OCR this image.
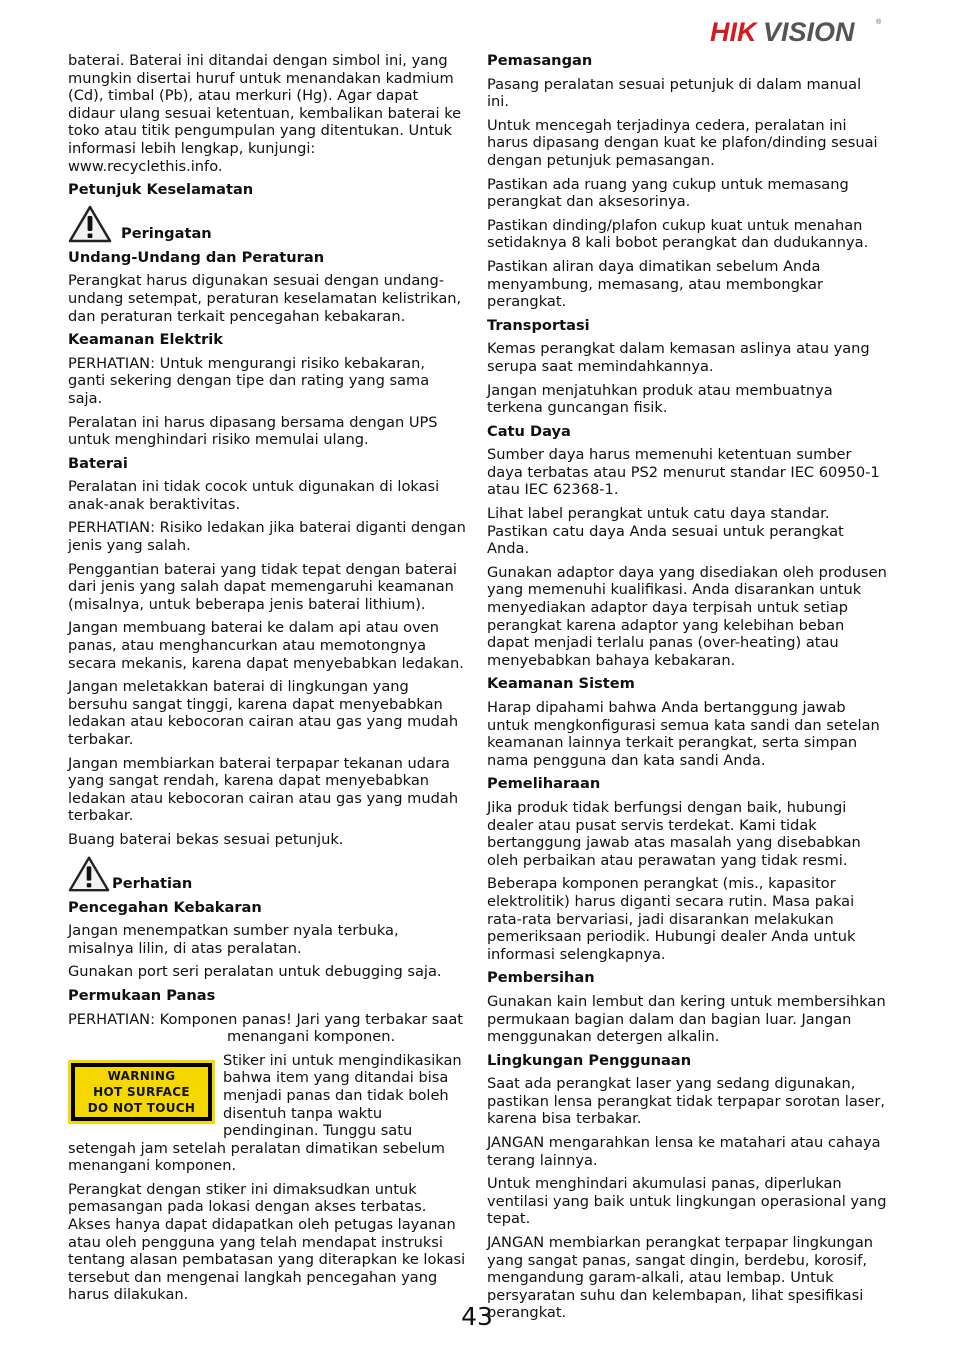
HIK VISION	®

baterai. Baterai ini ditandai dengan simbol ini, yang mungkin disertai huruf untuk menandakan kadmium (Cd), timbal (Pb), atau merkuri (Hg). Agar dapat didaur ulang sesuai ketentuan, kembalikan baterai ke toko atau titik pengumpulan yang ditentukan. Untuk informasi lebih lengkap, kunjungi: www.recyclethis.info.

Petunjuk Keselamatan
Peringatan
Undang-Undang dan Peraturan

Perangkat harus digunakan sesuai dengan undang-undang setempat, peraturan keselamatan kelistrikan, dan peraturan terkait pencegahan kebakaran.

Keamanan Elektrik

PERHATIAN: Untuk mengurangi risiko kebakaran, ganti sekering dengan tipe dan rating yang sama saja.

Peralatan ini harus dipasang bersama dengan UPS untuk menghindari risiko memulai ulang.

Baterai

Peralatan ini tidak cocok untuk digunakan di lokasi anak-anak beraktivitas.

PERHATIAN: Risiko ledakan jika baterai diganti dengan jenis yang salah.

Penggantian baterai yang tidak tepat dengan baterai dari jenis yang salah dapat memengaruhi keamanan (misalnya, untuk beberapa jenis baterai lithium).

Jangan membuang baterai ke dalam api atau oven panas, atau menghancurkan atau memotongnya secara mekanis, karena dapat menyebabkan ledakan.

Jangan meletakkan baterai di lingkungan yang bersuhu sangat tinggi, karena dapat menyebabkan ledakan atau kebocoran cairan atau gas yang mudah terbakar.

Jangan membiarkan baterai terpapar tekanan udara yang sangat rendah, karena dapat menyebabkan ledakan atau kebocoran cairan atau gas yang mudah terbakar.

Buang baterai bekas sesuai petunjuk.

Perhatian
Pencegahan Kebakaran

Jangan menempatkan sumber nyala terbuka, misalnya lilin, di atas peralatan.

Gunakan port seri peralatan untuk debugging saja.

Permukaan Panas

PERHATIAN: Komponen panas! Jari yang terbakar saat
menangani komponen.

WARNING
HOT SURFACE
DO NOT TOUCH

Stiker ini untuk mengindikasikan bahwa item yang ditandai bisa menjadi panas dan tidak boleh disentuh tanpa waktu pendinginan. Tunggu satu setengah jam setelah peralatan dimatikan sebelum menangani komponen.

Perangkat dengan stiker ini dimaksudkan untuk pemasangan pada lokasi dengan akses terbatas. Akses hanya dapat didapatkan oleh petugas layanan atau oleh pengguna yang telah mendapat instruksi tentang alasan pembatasan yang diterapkan ke lokasi tersebut dan mengenai langkah pencegahan yang harus dilakukan.

Pemasangan

Pasang peralatan sesuai petunjuk di dalam manual ini.

Untuk mencegah terjadinya cedera, peralatan ini harus dipasang dengan kuat ke plafon/dinding sesuai dengan petunjuk pemasangan.

Pastikan ada ruang yang cukup untuk memasang perangkat dan aksesorinya.

Pastikan dinding/plafon cukup kuat untuk menahan setidaknya 8 kali bobot perangkat dan dudukannya.

Pastikan aliran daya dimatikan sebelum Anda menyambung, memasang, atau membongkar perangkat.

Transportasi

Kemas perangkat dalam kemasan aslinya atau yang serupa saat memindahkannya.

Jangan menjatuhkan produk atau membuatnya terkena guncangan fisik.

Catu Daya

Sumber daya harus memenuhi ketentuan sumber daya terbatas atau PS2 menurut standar IEC 60950-1 atau IEC 62368-1.

Lihat label perangkat untuk catu daya standar. Pastikan catu daya Anda sesuai untuk perangkat Anda.

Gunakan adaptor daya yang disediakan oleh produsen yang memenuhi kualifikasi. Anda disarankan untuk menyediakan adaptor daya terpisah untuk setiap perangkat karena adaptor yang kelebihan beban dapat menjadi terlalu panas (over-heating) atau menyebabkan bahaya kebakaran.

Keamanan Sistem

Harap dipahami bahwa Anda bertanggung jawab untuk mengkonfigurasi semua kata sandi dan setelan keamanan lainnya terkait perangkat, serta simpan nama pengguna dan kata sandi Anda.

Pemeliharaan

Jika produk tidak berfungsi dengan baik, hubungi dealer atau pusat servis terdekat. Kami tidak bertanggung jawab atas masalah yang disebabkan oleh perbaikan atau perawatan yang tidak resmi.

Beberapa komponen perangkat (mis., kapasitor elektrolitik) harus diganti secara rutin. Masa pakai rata-rata bervariasi, jadi disarankan melakukan pemeriksaan periodik. Hubungi dealer Anda untuk informasi selengkapnya.

Pembersihan

Gunakan kain lembut dan kering untuk membersihkan permukaan bagian dalam dan bagian luar. Jangan menggunakan detergen alkalin.

Lingkungan Penggunaan

Saat ada perangkat laser yang sedang digunakan, pastikan lensa perangkat tidak terpapar sorotan laser, karena bisa terbakar.

JANGAN mengarahkan lensa ke matahari atau cahaya terang lainnya.

Untuk menghindari akumulasi panas, diperlukan ventilasi yang baik untuk lingkungan operasional yang tepat.

JANGAN membiarkan perangkat terpapar lingkungan yang sangat panas, sangat dingin, berdebu, korosif, mengandung garam-alkali, atau lembap. Untuk persyaratan suhu dan kelembapan, lihat spesifikasi perangkat.

43
